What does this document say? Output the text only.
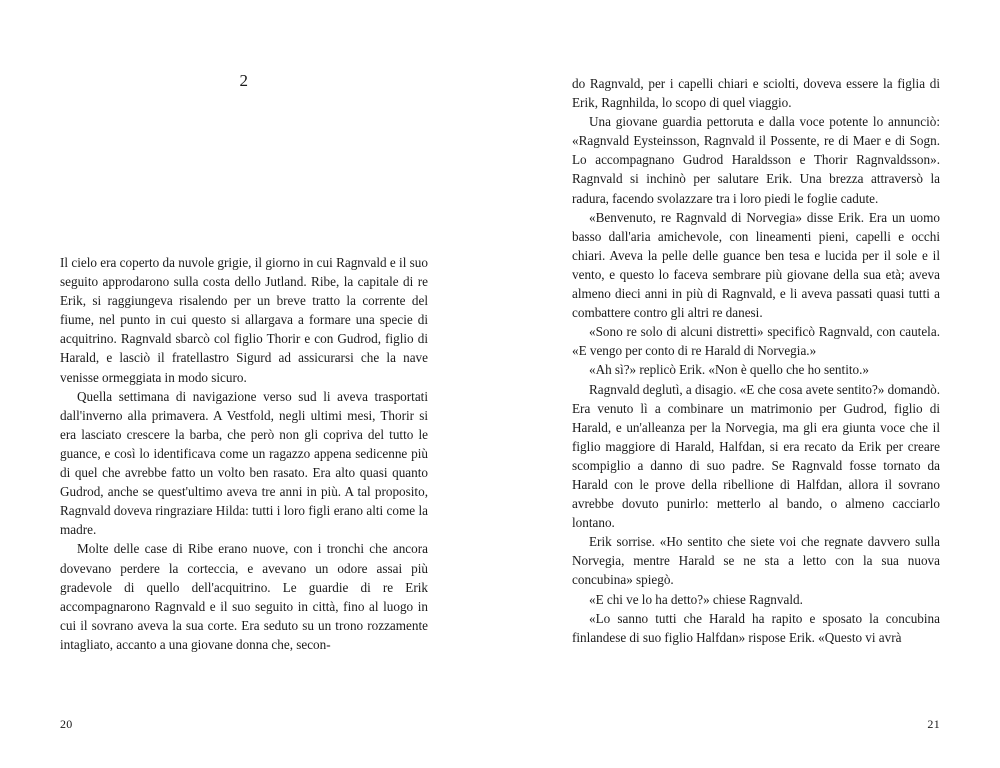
2

Il cielo era coperto da nuvole grigie, il giorno in cui Ragnvald e il suo seguito approdarono sulla costa dello Jutland. Ribe, la capitale di re Erik, si raggiungeva risalendo per un breve tratto la corrente del fiume, nel punto in cui questo si allargava a formare una specie di acquitrino. Ragnvald sbarcò col figlio Thorir e con Gudrod, figlio di Harald, e lasciò il fratellastro Sigurd ad assicurarsi che la nave venisse ormeggiata in modo sicuro.

Quella settimana di navigazione verso sud li aveva trasportati dall'inverno alla primavera. A Vestfold, negli ultimi mesi, Thorir si era lasciato crescere la barba, che però non gli copriva del tutto le guance, e così lo identificava come un ragazzo appena sedicenne più di quel che avrebbe fatto un volto ben rasato. Era alto quasi quanto Gudrod, anche se quest'ultimo aveva tre anni in più. A tal proposito, Ragnvald doveva ringraziare Hilda: tutti i loro figli erano alti come la madre.

Molte delle case di Ribe erano nuove, con i tronchi che ancora dovevano perdere la corteccia, e avevano un odore assai più gradevole di quello dell'acquitrino. Le guardie di re Erik accompagnarono Ragnvald e il suo seguito in città, fino al luogo in cui il sovrano aveva la sua corte. Era seduto su un trono rozzamente intagliato, accanto a una giovane donna che, secon-

20

do Ragnvald, per i capelli chiari e sciolti, doveva essere la figlia di Erik, Ragnhilda, lo scopo di quel viaggio.

Una giovane guardia pettoruta e dalla voce potente lo annunciò: «Ragnvald Eysteinsson, Ragnvald il Possente, re di Maer e di Sogn. Lo accompagnano Gudrod Haraldsson e Thorir Ragnvaldsson». Ragnvald si inchinò per salutare Erik. Una brezza attraversò la radura, facendo svolazzare tra i loro piedi le foglie cadute.

«Benvenuto, re Ragnvald di Norvegia» disse Erik. Era un uomo basso dall'aria amichevole, con lineamenti pieni, capelli e occhi chiari. Aveva la pelle delle guance ben tesa e lucida per il sole e il vento, e questo lo faceva sembrare più giovane della sua età; aveva almeno dieci anni in più di Ragnvald, e li aveva passati quasi tutti a combattere contro gli altri re danesi.

«Sono re solo di alcuni distretti» specificò Ragnvald, con cautela. «E vengo per conto di re Harald di Norvegia.»

«Ah sì?» replicò Erik. «Non è quello che ho sentito.»

Ragnvald deglutì, a disagio. «E che cosa avete sentito?» domandò. Era venuto lì a combinare un matrimonio per Gudrod, figlio di Harald, e un'alleanza per la Norvegia, ma gli era giunta voce che il figlio maggiore di Harald, Halfdan, si era recato da Erik per creare scompiglio a danno di suo padre. Se Ragnvald fosse tornato da Harald con le prove della ribellione di Halfdan, allora il sovrano avrebbe dovuto punirlo: metterlo al bando, o almeno cacciarlo lontano.

Erik sorrise. «Ho sentito che siete voi che regnate davvero sulla Norvegia, mentre Harald se ne sta a letto con la sua nuova concubina» spiegò.

«E chi ve lo ha detto?» chiese Ragnvald.

«Lo sanno tutti che Harald ha rapito e sposato la concubina finlandese di suo figlio Halfdan» rispose Erik. «Questo vi avrà

21
